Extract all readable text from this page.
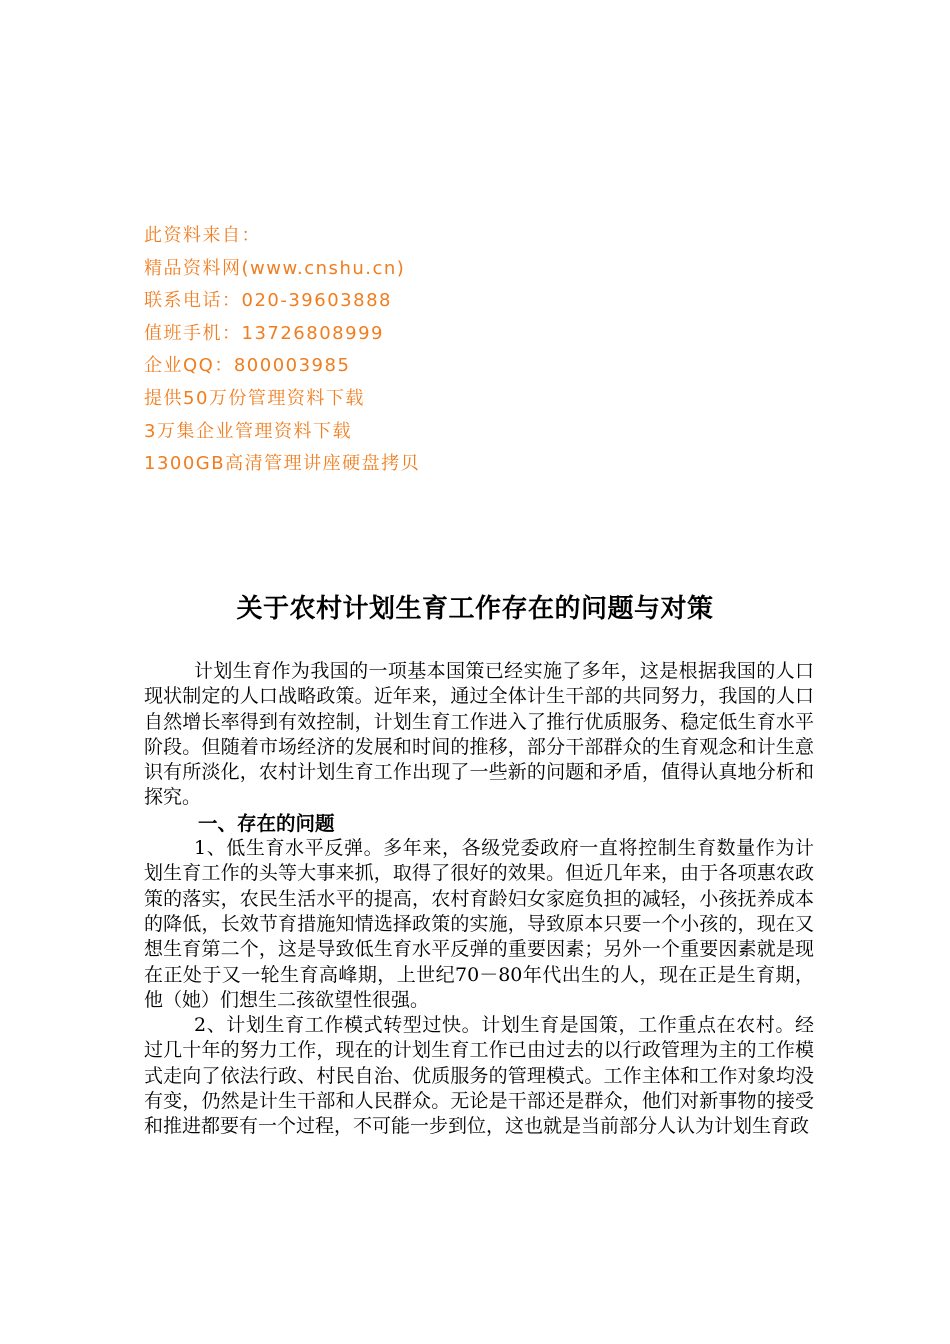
此资料来自：
精品资料网(www.cnshu.cn)
联系电话：020-39603888
值班手机：13726808999
企业QQ：800003985
提供50万份管理资料下载
3万集企业管理资料下载
1300GB高清管理讲座硬盘拷贝
关于农村计划生育工作存在的问题与对策

计划生育作为我国的一项基本国策已经实施了多年，这是根据我国的人口现状制定的人口战略政策。近年来，通过全体计生干部的共同努力，我国的人口自然增长率得到有效控制，计划生育工作进入了推行优质服务、稳定低生育水平阶段。但随着市场经济的发展和时间的推移，部分干部群众的生育观念和计生意识有所淡化，农村计划生育工作出现了一些新的问题和矛盾，值得认真地分析和探究。

一、存在的问题

1、低生育水平反弹。多年来，各级党委政府一直将控制生育数量作为计划生育工作的头等大事来抓，取得了很好的效果。但近几年来，由于各项惠农政策的落实，农民生活水平的提高，农村育龄妇女家庭负担的减轻，小孩抚养成本的降低，长效节育措施知情选择政策的实施，导致原本只要一个小孩的，现在又想生育第二个，这是导致低生育水平反弹的重要因素；另外一个重要因素就是现在正处于又一轮生育高峰期，上世纪70－80年代出生的人，现在正是生育期，他（她）们想生二孩欲望性很强。

2、计划生育工作模式转型过快。计划生育是国策，工作重点在农村。经过几十年的努力工作，现在的计划生育工作已由过去的以行政管理为主的工作模式走向了依法行政、村民自治、优质服务的管理模式。工作主体和工作对象均没有变，仍然是计生干部和人民群众。无论是干部还是群众，他们对新事物的接受和推进都要有一个过程，不可能一步到位，这也就是当前部分人认为计划生育政
